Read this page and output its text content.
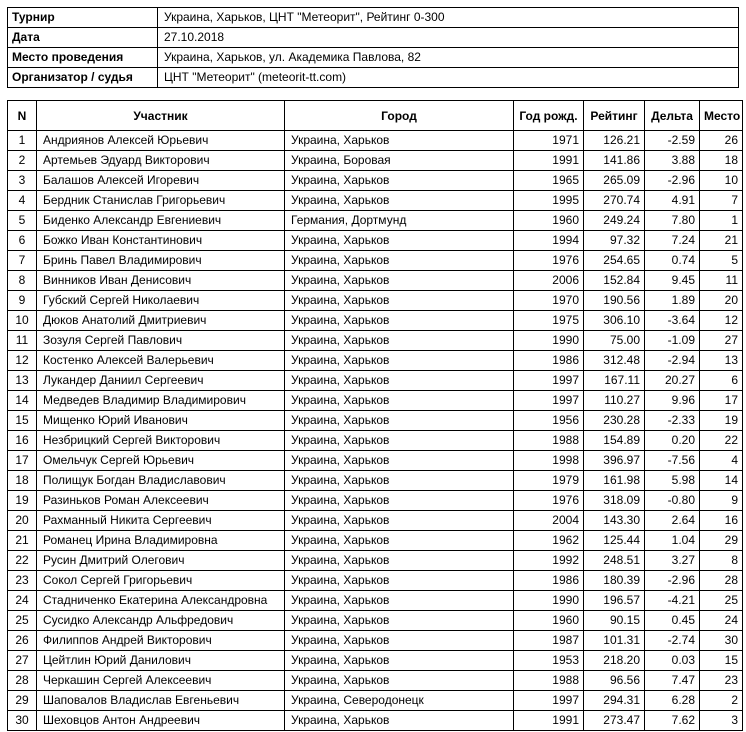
Турнир	Украина, Харьков, ЦНТ "Метеорит", Рейтинг 0-300
Дата	27.10.2018
Место проведения	Украина, Харьков, ул. Академика Павлова, 82
Организатор / судья	ЦНТ "Метеорит" (meteorit-tt.com)
N	Участник	Город	Год рожд.	Рейтинг	Дельта	Место
1	Андриянов Алексей Юрьевич	Украина, Харьков	1971	126.21	-2.59	26
2	Артемьев Эдуард Викторович	Украина, Боровая	1991	141.86	3.88	18
3	Балашов Алексей Игоревич	Украина, Харьков	1965	265.09	-2.96	10
4	Бердник Станислав Григорьевич	Украина, Харьков	1995	270.74	4.91	7
5	Биденко Александр Евгениевич	Германия, Дортмунд	1960	249.24	7.80	1
6	Божко Иван Константинович	Украина, Харьков	1994	97.32	7.24	21
7	Бринь Павел Владимирович	Украина, Харьков	1976	254.65	0.74	5
8	Винников Иван Денисович	Украина, Харьков	2006	152.84	9.45	11
9	Губский Сергей Николаевич	Украина, Харьков	1970	190.56	1.89	20
10	Дюков Анатолий Дмитриевич	Украина, Харьков	1975	306.10	-3.64	12
11	Зозуля Сергей Павлович	Украина, Харьков	1990	75.00	-1.09	27
12	Костенко Алексей Валерьевич	Украина, Харьков	1986	312.48	-2.94	13
13	Лукандер Даниил Сергеевич	Украина, Харьков	1997	167.11	20.27	6
14	Медведев Владимир Владимирович	Украина, Харьков	1997	110.27	9.96	17
15	Мищенко Юрий Иванович	Украина, Харьков	1956	230.28	-2.33	19
16	Незбрицкий Сергей Викторович	Украина, Харьков	1988	154.89	0.20	22
17	Омельчук Сергей Юрьевич	Украина, Харьков	1998	396.97	-7.56	4
18	Полищук Богдан Владиславович	Украина, Харьков	1979	161.98	5.98	14
19	Разиньков Роман Алексеевич	Украина, Харьков	1976	318.09	-0.80	9
20	Рахманный Никита Сергеевич	Украина, Харьков	2004	143.30	2.64	16
21	Романец Ирина Владимировна	Украина, Харьков	1962	125.44	1.04	29
22	Русин Дмитрий Олегович	Украина, Харьков	1992	248.51	3.27	8
23	Сокол Сергей Григорьевич	Украина, Харьков	1986	180.39	-2.96	28
24	Стадниченко Екатерина Александровна	Украина, Харьков	1990	196.57	-4.21	25
25	Сусидко Александр Альфредович	Украина, Харьков	1960	90.15	0.45	24
26	Филиппов Андрей Викторович	Украина, Харьков	1987	101.31	-2.74	30
27	Цейтлин Юрий Данилович	Украина, Харьков	1953	218.20	0.03	15
28	Черкашин Сергей Алексеевич	Украина, Харьков	1988	96.56	7.47	23
29	Шаповалов Владислав Евгеньевич	Украина, Северодонецк	1997	294.31	6.28	2
30	Шеховцов Антон Андреевич	Украина, Харьков	1991	273.47	7.62	3
